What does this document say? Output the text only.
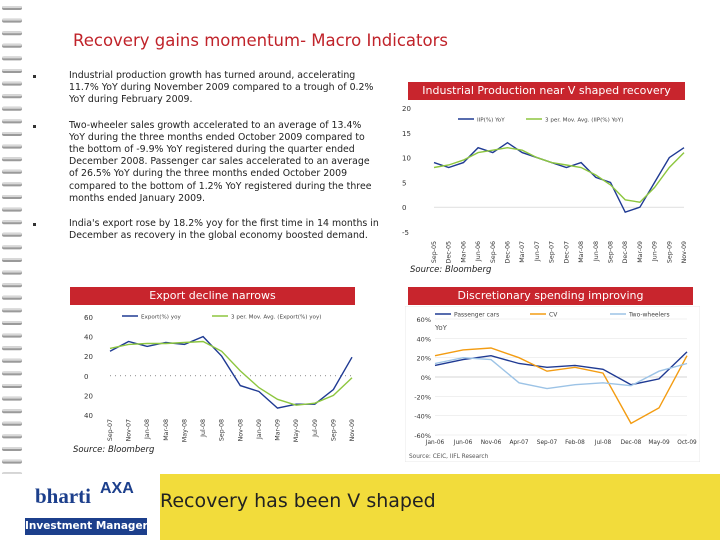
Recovery gains momentum- Macro Indicators
Industrial production growth has turned around, accelerating 11.7% YoY during November 2009 compared to a trough of 0.2% YoY during February 2009.
Two-wheeler sales growth accelerated to an average of 13.4% YoY during the three months ended October 2009 compared to the bottom of -9.9% YoY registered during the quarter ended December 2008. Passenger car sales accelerated to an average of 26.5% YoY during the three months ended October 2009 compared to the bottom of 1.2% YoY registered during the three months ended January 2009.
India's export rose by 18.2% yoy for the first time in 14 months in December as recovery in the global economy boosted demand.
Industrial Production near V shaped recovery
20
15
10
5
0
-5
Sep-05 Dec-05 Mar-06 Jun-06 Sep-06 Dec-06 Mar-07 Jun-07 Sep-07 Dec-07 Mar-08 Jun-08 Sep-08 Dec-08 Mar-09 Jun-09 Sep-09 Nov-09
IIP(%) YoY	3 per. Mov. Avg. (IIP(%) YoY)
Source: Bloomberg
Export decline narrows
60
40
20
0
20
40
Sep-07 Nov-07 Jan-08 Mar-08 May-08 Jul-08 Sep-08 Nov-08 Jan-09 Mar-09 May-09 Jul-09 Sep-09 Nov-09
Export(%) yoy	3 per. Mov. Avg. (Export(%) yoy)
Source: Bloomberg
Discretionary spending improving
60%
40%
20%
0%
-20%
-40%
-60%
Jan-06 Jun-06 Nov-06 Apr-07 Sep-07 Feb-08 Jul-08 Dec-08 May-09 Oct-09
Passenger cars	CV	Two-wheelers
YoY
Source: CEIC, IIFL Research
bharti AXA
Investment Managers
Recovery has been V shaped
